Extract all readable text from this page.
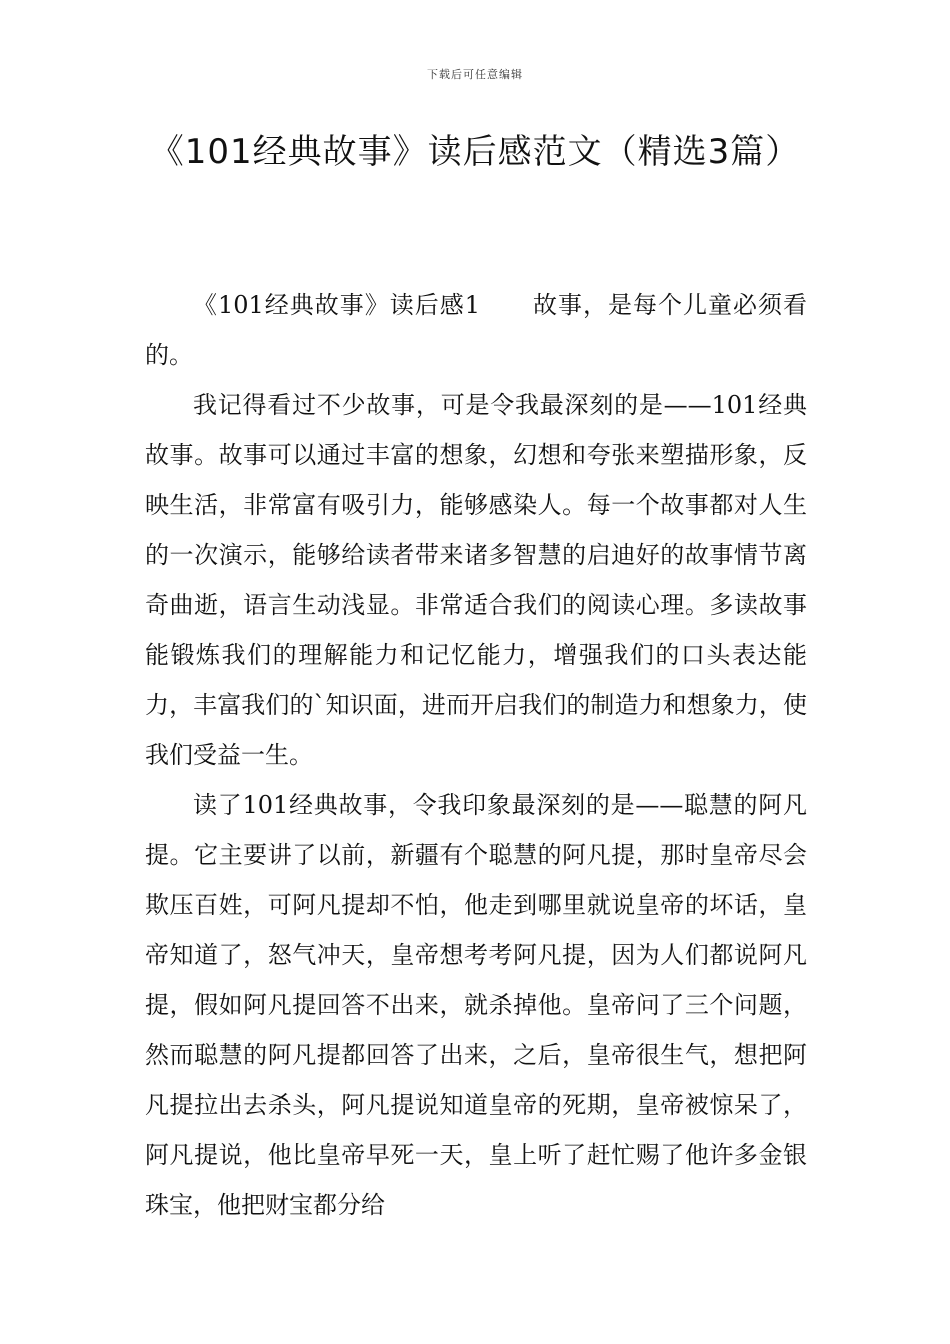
下载后可任意编辑
《101经典故事》读后感范文（精选3篇）

《101经典故事》读后感1 故事，是每个儿童必须看的。

我记得看过不少故事，可是令我最深刻的是——101经典故事。故事可以通过丰富的想象，幻想和夸张来塑描形象，反映生活，非常富有吸引力，能够感染人。每一个故事都对人生的一次演示，能够给读者带来诸多智慧的启迪好的故事情节离奇曲逝，语言生动浅显。非常适合我们的阅读心理。多读故事能锻炼我们的理解能力和记忆能力，增强我们的口头表达能力，丰富我们的`知识面，进而开启我们的制造力和想象力，使我们受益一生。

读了101经典故事，令我印象最深刻的是——聪慧的阿凡提。它主要讲了以前，新疆有个聪慧的阿凡提，那时皇帝尽会欺压百姓，可阿凡提却不怕，他走到哪里就说皇帝的坏话，皇帝知道了，怒气冲天，皇帝想考考阿凡提，因为人们都说阿凡提，假如阿凡提回答不出来，就杀掉他。皇帝问了三个问题，然而聪慧的阿凡提都回答了出来，之后，皇帝很生气，想把阿凡提拉出去杀头，阿凡提说知道皇帝的死期，皇帝被惊呆了，阿凡提说，他比皇帝早死一天，皇上听了赶忙赐了他许多金银珠宝，他把财宝都分给
